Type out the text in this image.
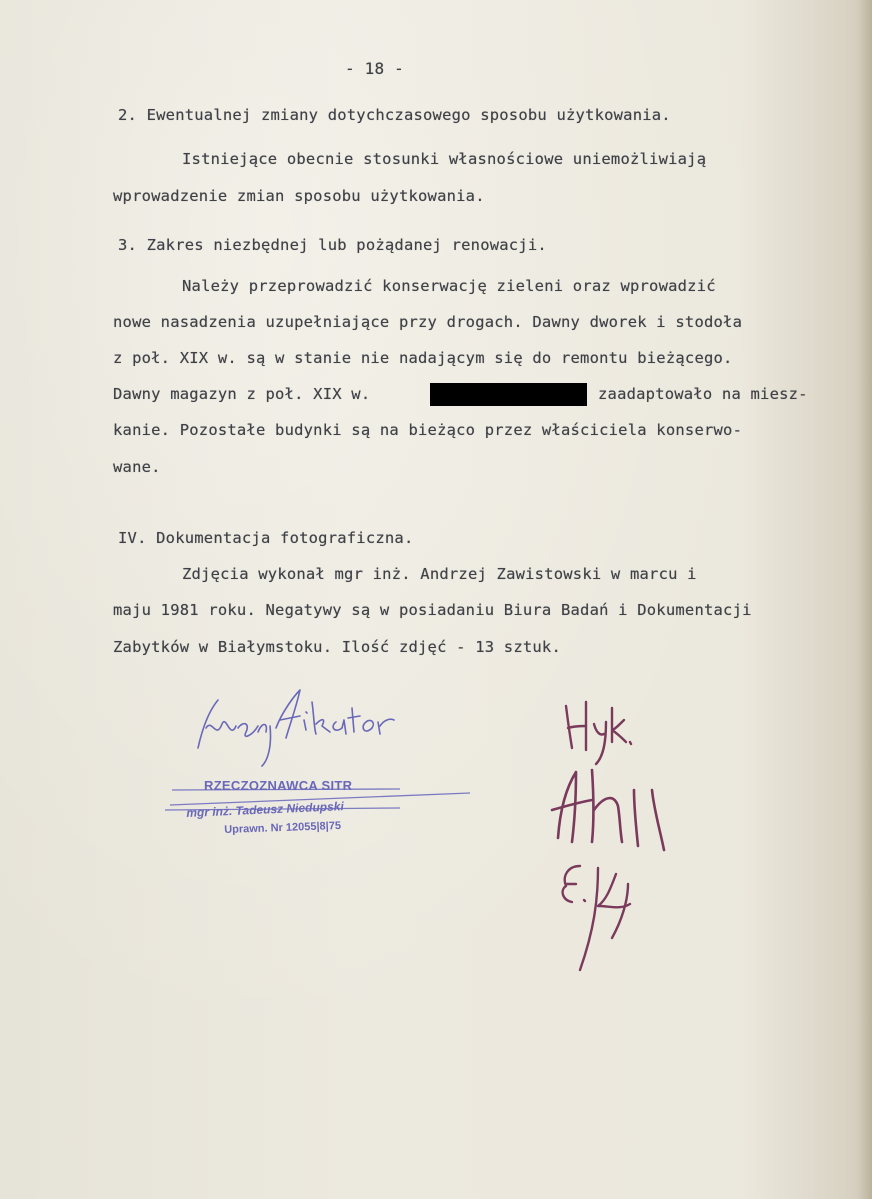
- 18 -
2. Ewentualnej zmiany dotychczasowego sposobu użytkowania.
Istniejące obecnie stosunki własnościowe uniemożliwiają
wprowadzenie zmian sposobu użytkowania.
3. Zakres niezbędnej lub pożądanej renowacji.
Należy przeprowadzić konserwację zieleni oraz wprowadzić
nowe nasadzenia uzupełniające przy drogach. Dawny dworek i stodoła
z poł. XIX w. są w stanie nie nadającym się do remontu bieżącego.
Dawny magazyn z poł. XIX w.	zaadaptowało na miesz-
kanie. Pozostałe budynki są na bieżąco przez właściciela konserwo-
wane.
IV. Dokumentacja fotograficzna.
Zdjęcia wykonał mgr inż. Andrzej Zawistowski w marcu i
maju 1981 roku. Negatywy są w posiadaniu Biura Badań i Dokumentacji
Zabytków w Białymstoku. Ilość zdjęć - 13 sztuk.
RZECZOZNAWCA SITR
mgr inż. Tadeusz Niedupski
Uprawn. Nr 12055|8|75
